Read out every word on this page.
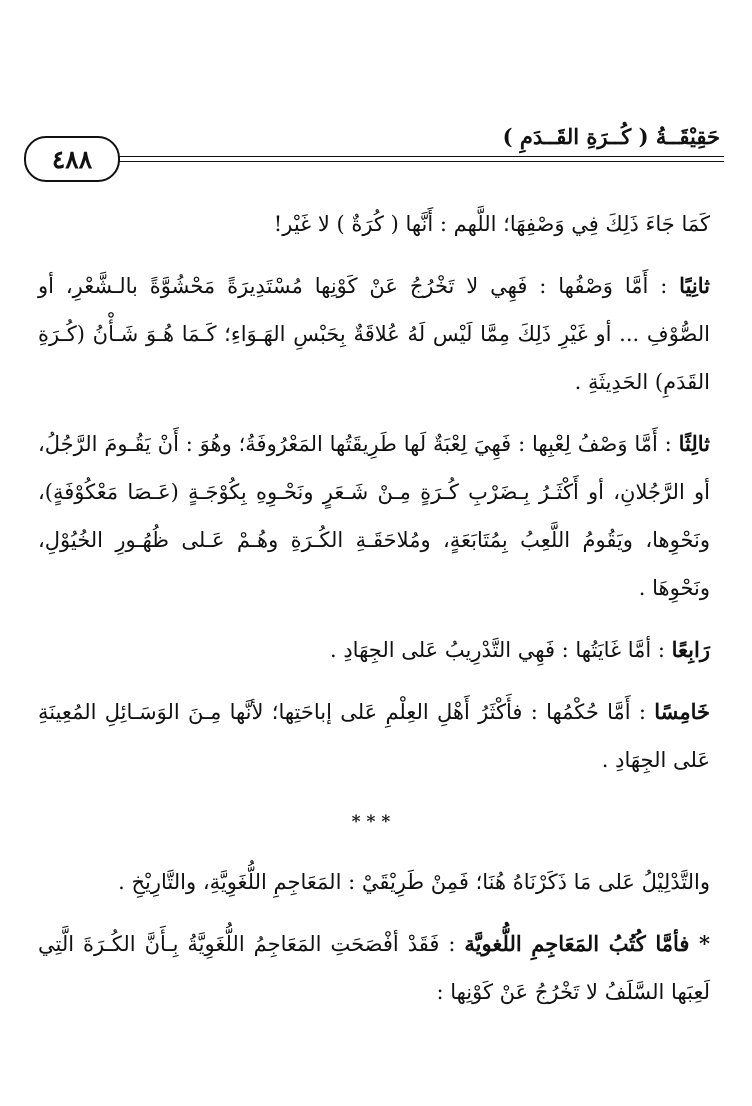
حَقِيْقَــةُ ( كُــرَةِ القَــدَمِ )
٤٨٨

كَمَا جَاءَ ذَلِكَ فِي وَصْفِهَا؛ اللَّهم : أَنَّها ( كُرَةٌ ) لا غَيْر!

ثانِيًا : أَمَّا وَصْفُها : فَهِي لا تَخْرُجُ عَنْ كَوْنِها مُسْتَدِيرَةً مَحْشُوَّةً بالـشَّعْرِ، أو الصُّوْفِ ... أو غَيْرِ ذَلِكَ مِمَّا لَيْس لَهُ عُلاقَةٌ بِحَبْسِ الهَـوَاءِ؛ كَـمَا هُـوَ شَـأْنُ (كُـرَةِ القَدَمِ) الحَدِيثَةِ .

ثالِثًا : أَمَّا وَصْفُ لِعْبِها : فَهِيَ لِعْبَةٌ لَها طَرِيقَتُها المَعْرُوفَةُ؛ وهُوَ : أَنْ يَقُـومَ الرَّجُلُ، أو الرَّجُلانِ، أو أَكْثَـرُ بِـضَرْبِ كُـرَةٍ مِـنْ شَـعَرٍ ونَحْـوِهِ بِكُوْجَـةٍ (عَـصَا مَعْكُوْفَةٍ)، ونَحْوِها، ويَقُومُ اللَّعِبُ بِمُتَابَعَةٍ، ومُلاحَقَـةِ الكُـرَةِ وهُـمْ عَـلى ظُهُـورِ الخُيُوْلِ، ونَحْوِهَا .

رَابِعًا : أمَّا غَايَتُها : فَهِي التَّدْرِيبُ عَلى الجِهَادِ .

خَامِسًا : أَمَّا حُكْمُها : فأَكْثَرُ أَهْلِ العِلْمِ عَلى إباحَتِها؛ لأنَّها مِـنَ الوَسَـائِلِ المُعِينَةِ عَلى الجِهَادِ .

***

والتَّدْلِيْلُ عَلى مَا ذَكَرْنَاهُ هُنَا؛ فَمِنْ طَرِيْقَيْ : المَعَاجِمِ اللُّغَوِيَّةِ، والتَّارِيْخِ .

* فأمَّا كُتُبُ المَعَاجِمِ اللُّغويَّة : فَقَدْ أفْصَحَتِ المَعَاجِمُ اللُّغَوِيَّةُ بِـأَنَّ الكُـرَةَ الَّتِي لَعِبَها السَّلَفُ لا تَخْرُجُ عَنْ كَوْنِها :
